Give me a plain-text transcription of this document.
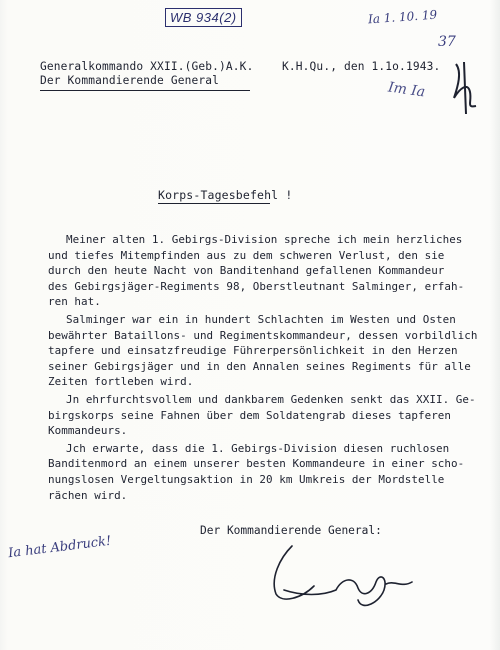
WB 934(2)	Ia 1. 10. 19
37
Im Ia
Generalkommando XXII.(Geb.)A.K.
Der Kommandierende General
K.H.Qu., den 1.1o.1943.
Korps-Tagesbefehl !
Meiner alten 1. Gebirgs-Division spreche ich mein herzliches
und tiefes Mitempfinden aus zu dem schweren Verlust, den sie
durch den heute Nacht von Banditenhand gefallenen Kommandeur
des Gebirgsjäger-Regiments 98, Oberstleutnant Salminger, erfah-
ren hat.
Salminger war ein in hundert Schlachten im Westen und Osten
bewährter Bataillons- und Regimentskommandeur, dessen vorbildlich
tapfere und einsatzfreudige Führerpersönlichkeit in den Herzen
seiner Gebirgsjäger und in den Annalen seines Regiments für alle
Zeiten fortleben wird.
Jn ehrfurchtsvollem und dankbarem Gedenken senkt das XXII. Ge-
birgskorps seine Fahnen über dem Soldatengrab dieses tapferen
Kommandeurs.
Jch erwarte, dass die 1. Gebirgs-Division diesen ruchlosen
Banditenmord an einem unserer besten Kommandeure in einer scho-
nungslosen Vergeltungsaktion in 20 km Umkreis der Mordstelle
rächen wird.
Der Kommandierende General:
Ia hat Abdruck!
